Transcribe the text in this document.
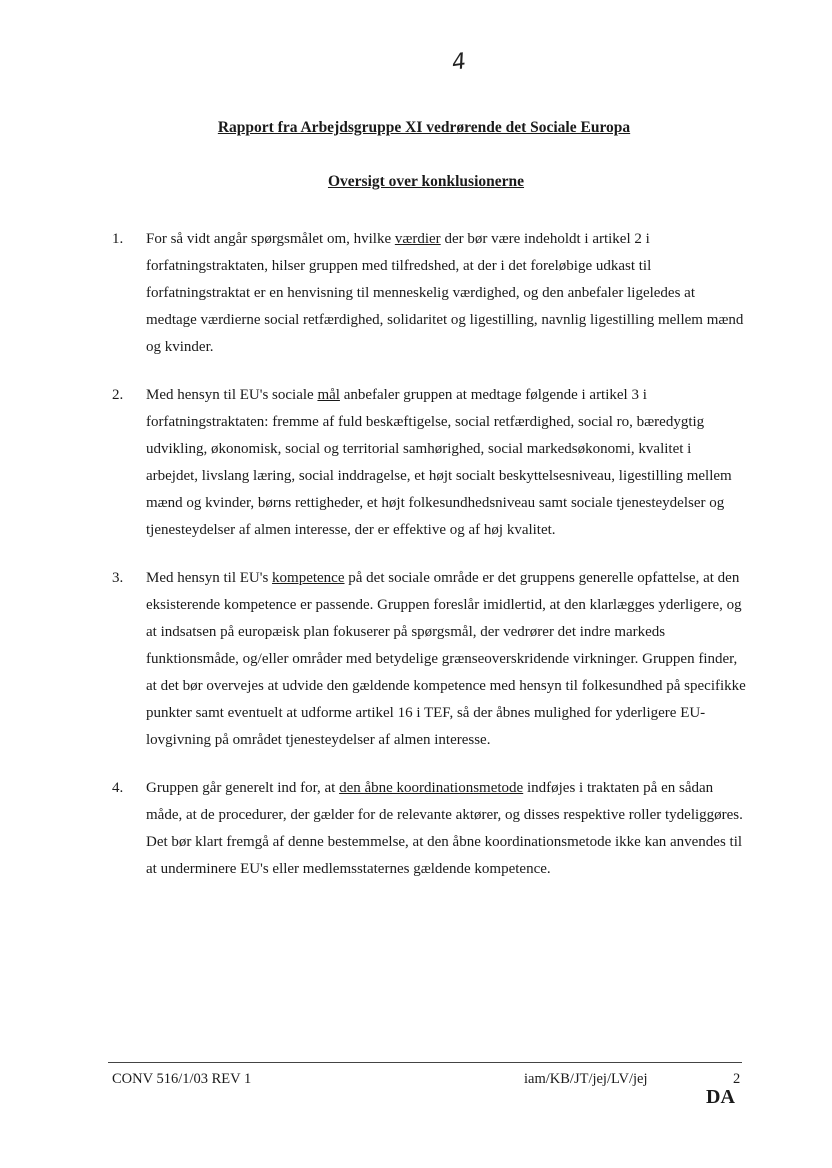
4
Rapport fra Arbejdsgruppe XI vedrørende det Sociale Europa
Oversigt over konklusionerne
1. For så vidt angår spørgsmålet om, hvilke værdier der bør være indeholdt i artikel 2 i forfatningstraktaten, hilser gruppen med tilfredshed, at der i det foreløbige udkast til forfatningstraktat er en henvisning til menneskelig værdighed, og den anbefaler ligeledes at medtage værdierne social retfærdighed, solidaritet og ligestilling, navnlig ligestilling mellem mænd og kvinder.

2. Med hensyn til EU's sociale mål anbefaler gruppen at medtage følgende i artikel 3 i forfatningstraktaten: fremme af fuld beskæftigelse, social retfærdighed, social ro, bæredygtig udvikling, økonomisk, social og territorial samhørighed, social markedsøkonomi, kvalitet i arbejdet, livslang læring, social inddragelse, et højt socialt beskyttelsesniveau, ligestilling mellem mænd og kvinder, børns rettigheder, et højt folkesundhedsniveau samt sociale tjenesteydelser og tjenesteydelser af almen interesse, der er effektive og af høj kvalitet.

3. Med hensyn til EU's kompetence på det sociale område er det gruppens generelle opfattelse, at den eksisterende kompetence er passende. Gruppen foreslår imidlertid, at den klarlægges yderligere, og at indsatsen på europæisk plan fokuserer på spørgsmål, der vedrører det indre markeds funktionsmåde, og/eller områder med betydelige grænseoverskridende virkninger. Gruppen finder, at det bør overvejes at udvide den gældende kompetence med hensyn til folkesundhed på specifikke punkter samt eventuelt at udforme artikel 16 i TEF, så der åbnes mulighed for yderligere EU-lovgivning på området tjenesteydelser af almen interesse.

4. Gruppen går generelt ind for, at den åbne koordinationsmetode indføjes i traktaten på en sådan måde, at de procedurer, der gælder for de relevante aktører, og disses respektive roller tydeliggøres. Det bør klart fremgå af denne bestemmelse, at den åbne koordinationsmetode ikke kan anvendes til at underminere EU's eller medlemsstaternes gældende kompetence.

CONV 516/1/03 REV 1	iam/KB/JT/jej/LV/jej	2
DA
